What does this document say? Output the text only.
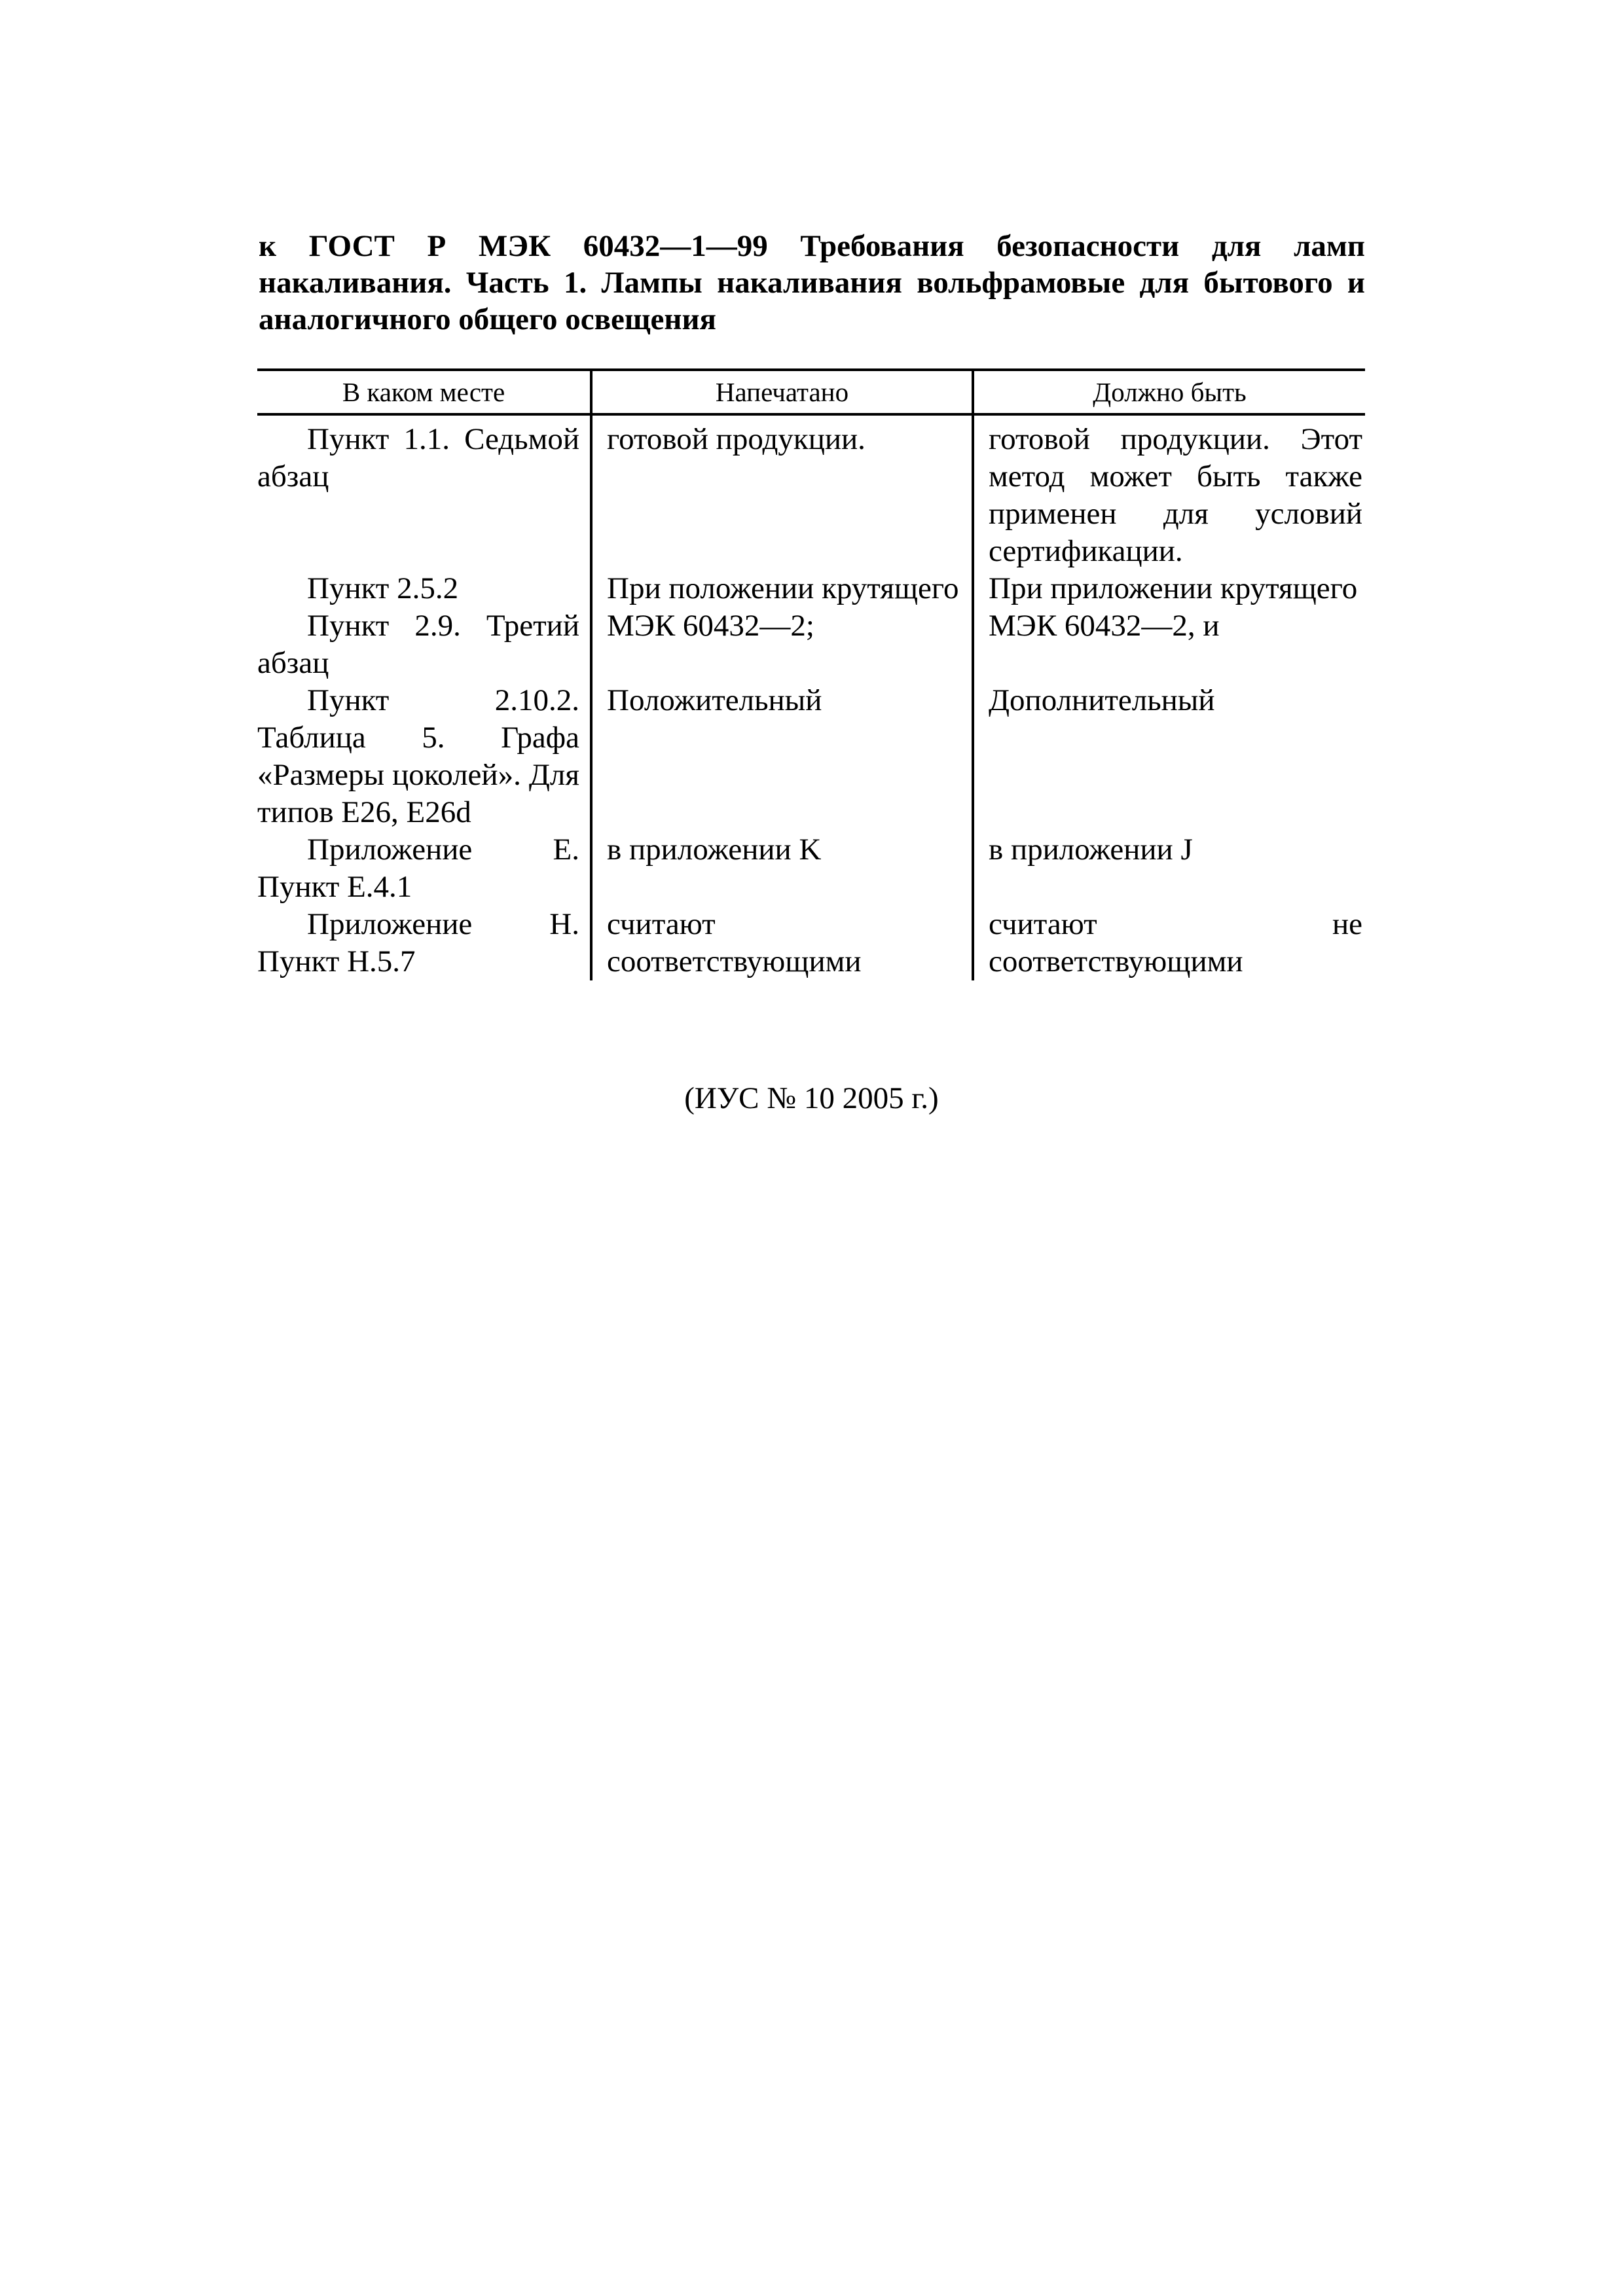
к ГОСТ Р МЭК 60432—1—99 Требования безопасности для ламп накаливания. Часть 1. Лампы накаливания вольфрамовые для бытового и аналогичного общего освещения
В каком месте	Напечатано	Должно быть

Пункт 1.1. Седьмой абзац	готовой продукции.	готовой продукции. Этот метод может быть также применен для условий сертификации.

Пункт 2.5.2	При положении крутящего	При приложении крутящего

Пункт 2.9. Третий абзац	МЭК 60432—2;	МЭК 60432—2, и

Пункт 2.10.2. Таблица 5. Графа «Размеры цоколей». Для типов E26, E26d	Положительный	Дополнительный

Приложение E. Пункт E.4.1	в приложении K	в приложении J

Приложение H. Пункт H.5.7	считают соответствующими	считают не соответствующими
(ИУС № 10 2005 г.)
